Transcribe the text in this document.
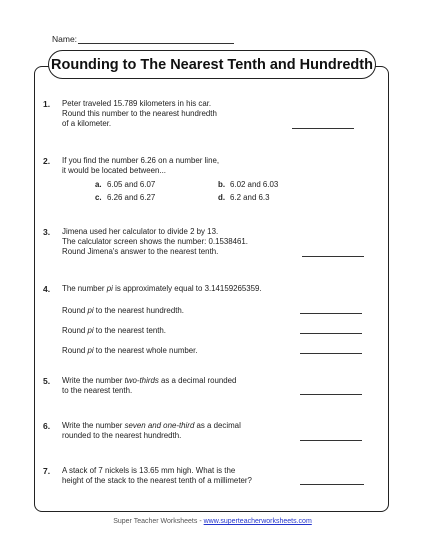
Name:
Rounding to The Nearest Tenth and Hundredth
1. Peter traveled 15.789 kilometers in his car.
Round this number to the nearest hundredth
of a kilometer.
2. If you find the number 6.26 on a number line,
it would be located between...
a. 6.05 and 6.07	b. 6.02 and 6.03
c. 6.26 and 6.27	d. 6.2 and 6.3
3. Jimena used her calculator to divide 2 by 13.
The calculator screen shows the number: 0.1538461.
Round Jimena's answer to the nearest tenth.
4. The number pi is approximately equal to 3.14159265359.
Round pi to the nearest hundredth.
Round pi to the nearest tenth.
Round pi to the nearest whole number.
5. Write the number two-thirds as a decimal rounded
to the nearest tenth.
6. Write the number seven and one-third as a decimal
rounded to the nearest hundredth.
7. A stack of 7 nickels is 13.65 mm high. What is the
height of the stack to the nearest tenth of a millimeter?
Super Teacher Worksheets - www.superteacherworksheets.com
